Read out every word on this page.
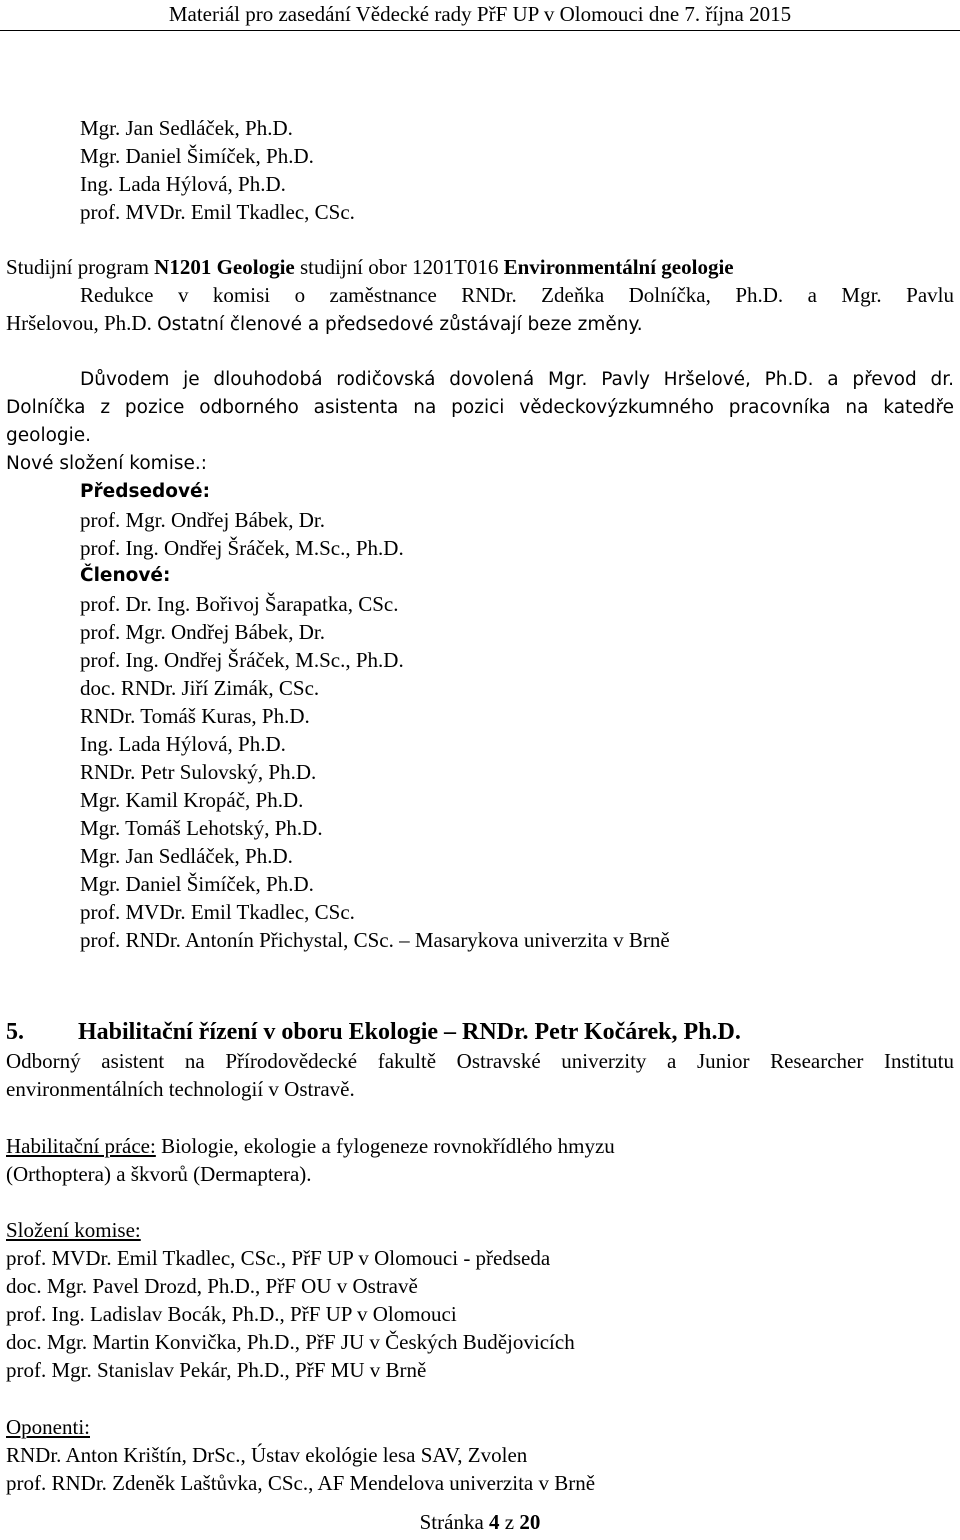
Materiál pro zasedání Vědecké rady PřF UP v Olomouci dne 7. října 2015
Mgr. Jan Sedláček, Ph.D.
Mgr. Daniel Šimíček, Ph.D.
Ing. Lada Hýlová, Ph.D.
prof. MVDr. Emil Tkadlec, CSc.
Studijní program N1201 Geologie studijní obor 1201T016 Environmentální geologie
Redukce v komisi o zaměstnance RNDr. Zdeňka Dolníčka, Ph.D. a Mgr. Pavlu
Hršelovou, Ph.D. Ostatní členové a předsedové zůstávají beze změny.
Důvodem je dlouhodobá rodičovská dovolená Mgr. Pavly Hršelové, Ph.D. a převod dr.
Dolníčka z pozice odborného asistenta na pozici vědeckovýzkumného pracovníka na katedře
geologie.
Nové složení komise.:
Předsedové:
prof. Mgr. Ondřej Bábek, Dr.
prof. Ing. Ondřej Šráček, M.Sc., Ph.D.
Členové:
prof. Dr. Ing. Bořivoj Šarapatka, CSc.
prof. Mgr. Ondřej Bábek, Dr.
prof. Ing. Ondřej Šráček, M.Sc., Ph.D.
doc. RNDr. Jiří Zimák, CSc.
RNDr. Tomáš Kuras, Ph.D.
Ing. Lada Hýlová, Ph.D.
RNDr. Petr Sulovský, Ph.D.
Mgr. Kamil Kropáč, Ph.D.
Mgr. Tomáš Lehotský, Ph.D.
Mgr. Jan Sedláček, Ph.D.
Mgr. Daniel Šimíček, Ph.D.
prof. MVDr. Emil Tkadlec, CSc.
prof. RNDr. Antonín Přichystal, CSc. – Masarykova univerzita v Brně
5. Habilitační řízení v oboru Ekologie – RNDr. Petr Kočárek, Ph.D.
Odborný asistent na Přírodovědecké fakultě Ostravské univerzity a Junior Researcher Institutu
environmentálních technologií v Ostravě.
Habilitační práce: Biologie, ekologie a fylogeneze rovnokřídlého hmyzu
(Orthoptera) a škvorů (Dermaptera).
Složení komise:
prof. MVDr. Emil Tkadlec, CSc., PřF UP v Olomouci - předseda
doc. Mgr. Pavel Drozd, Ph.D., PřF OU v Ostravě
prof. Ing. Ladislav Bocák, Ph.D., PřF UP v Olomouci
doc. Mgr. Martin Konvička, Ph.D., PřF JU v Českých Budějovicích
prof. Mgr. Stanislav Pekár, Ph.D., PřF MU v Brně
Oponenti:
RNDr. Anton Krištín, DrSc., Ústav ekológie lesa SAV, Zvolen
prof. RNDr. Zdeněk Laštůvka, CSc., AF Mendelova univerzita v Brně
Stránka 4 z 20
